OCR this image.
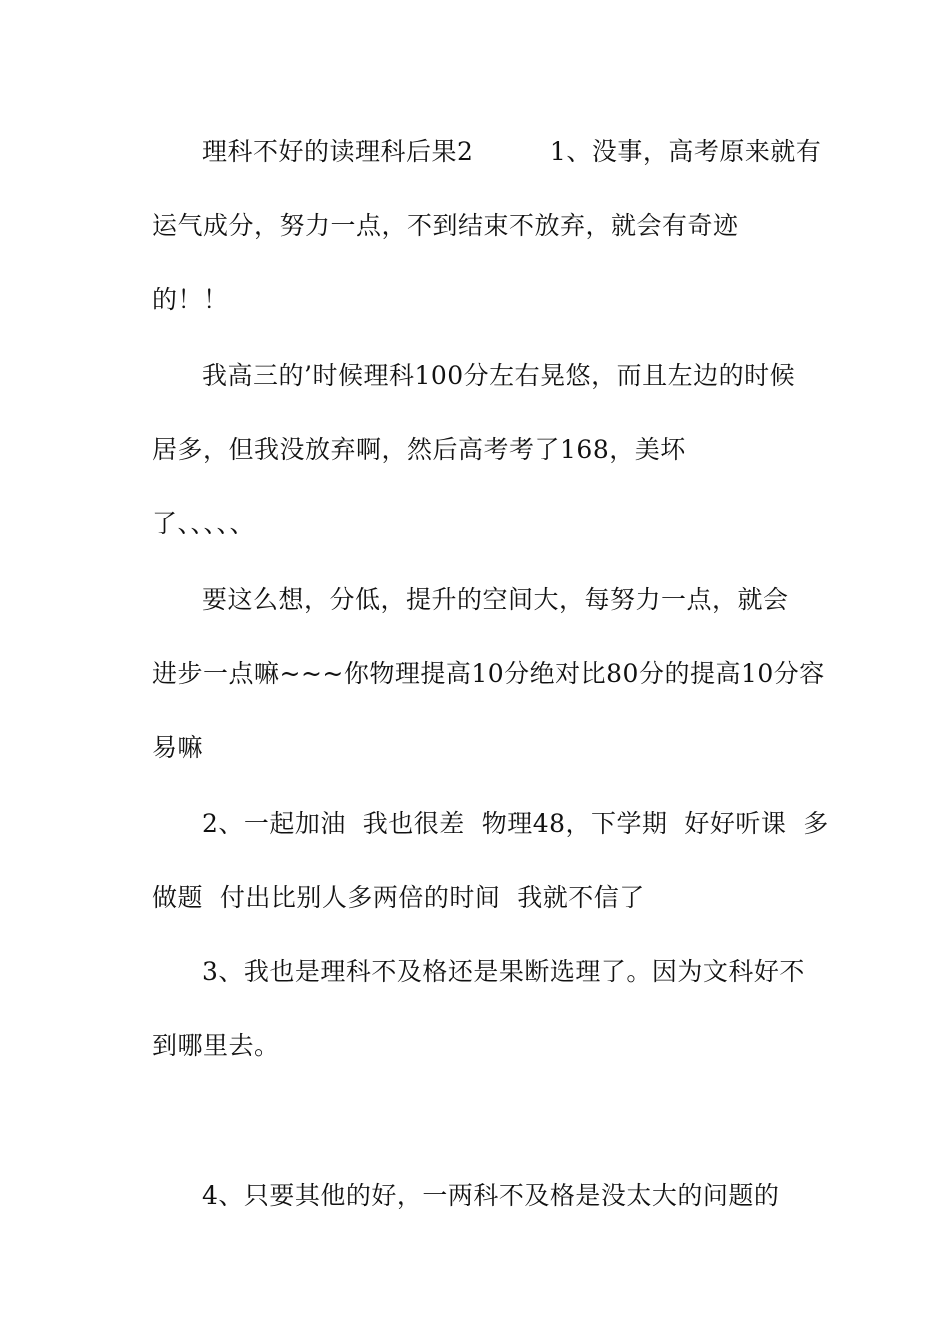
理科不好的读理科后果2　　　1、没事，高考原来就有
运气成分，努力一点，不到结束不放弃，就会有奇迹
的！！
我高三的’时候理科100分左右晃悠，而且左边的时候
居多，但我没放弃啊，然后高考考了168，美坏
了、、、、、
要这么想，分低，提升的空间大，每努力一点，就会
进步一点嘛~~~你物理提高10分绝对比80分的提高10分容
易嘛
2、一起加油  我也很差  物理48，下学期  好好听课  多
做题  付出比别人多两倍的时间  我就不信了
3、我也是理科不及格还是果断选理了。因为文科好不
到哪里去。
4、只要其他的好，一两科不及格是没太大的问题的
